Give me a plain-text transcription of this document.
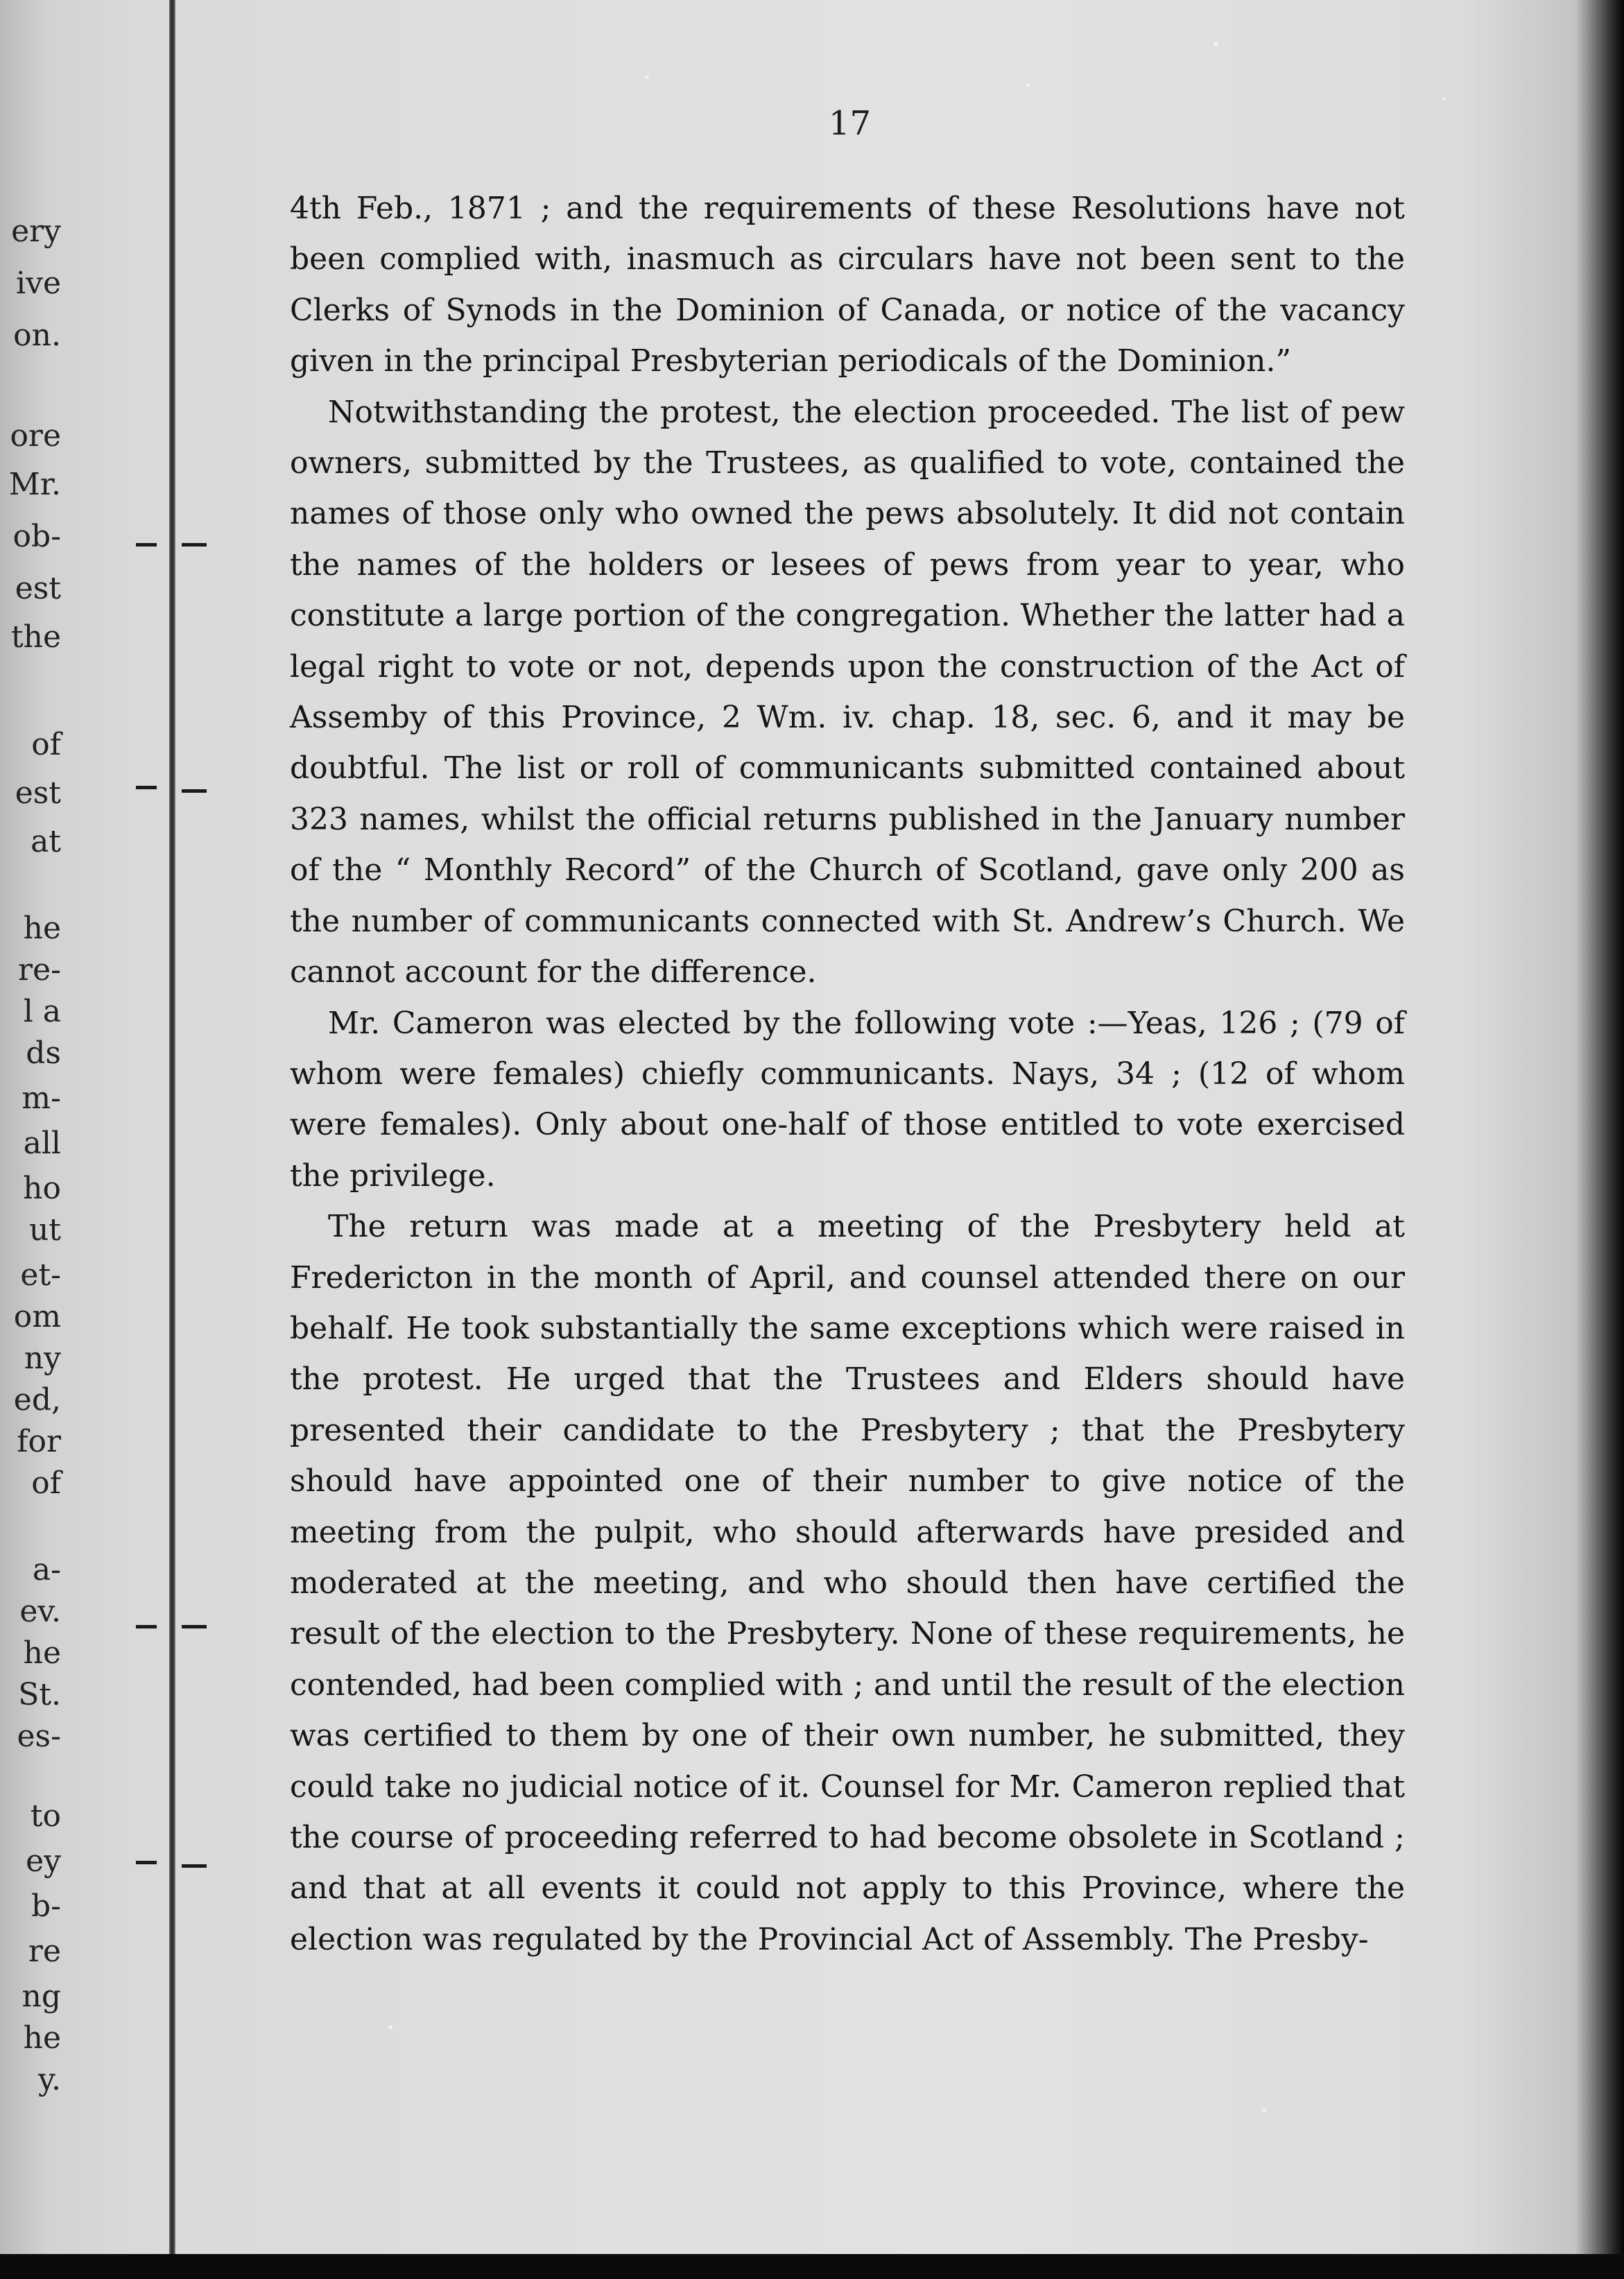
ery
ive
on.
ore
Mr.
ob-
est
the
of
est
at
he
re-
l a
ds
m-
all
ho
ut
et-
om
ny
ed,
for
of
a-
ev.
he
St.
es-
to
ey
b-
re
ng
he
y.
17

4th Feb., 1871 ; and the requirements of these Resolutions have not been complied with, inasmuch as circulars have not been sent to the Clerks of Synods in the Dominion of Canada, or notice of the vacancy given in the principal Presbyterian periodicals of the Dominion.”

Notwithstanding the protest, the election proceeded. The list of pew owners, submitted by the Trustees, as qualified to vote, contained the names of those only who owned the pews absolutely. It did not contain the names of the holders or lesees of pews from year to year, who constitute a large portion of the congregation. Whether the latter had a legal right to vote or not, depends upon the construction of the Act of Assemby of this Province, 2 Wm. iv. chap. 18, sec. 6, and it may be doubtful. The list or roll of communicants submitted contained about 323 names, whilst the official returns published in the January number of the “ Monthly Record” of the Church of Scotland, gave only 200 as the number of communicants connected with St. Andrew’s Church. We cannot account for the difference.

Mr. Cameron was elected by the following vote :—Yeas, 126 ; (79 of whom were females) chiefly communicants. Nays, 34 ; (12 of whom were females). Only about one-half of those entitled to vote exercised the privilege.

The return was made at a meeting of the Presbytery held at Fredericton in the month of April, and counsel attended there on our behalf. He took substantially the same exceptions which were raised in the protest. He urged that the Trustees and Elders should have presented their candidate to the Presbytery ; that the Presbytery should have appointed one of their number to give notice of the meeting from the pulpit, who should afterwards have presided and moderated at the meeting, and who should then have certified the result of the election to the Presbytery. None of these requirements, he contended, had been complied with ; and until the result of the election was certified to them by one of their own number, he submitted, they could take no judicial notice of it. Counsel for Mr. Cameron replied that the course of proceeding referred to had become obsolete in Scotland ; and that at all events it could not apply to this Province, where the election was regulated by the Provincial Act of Assembly. The Presby-
